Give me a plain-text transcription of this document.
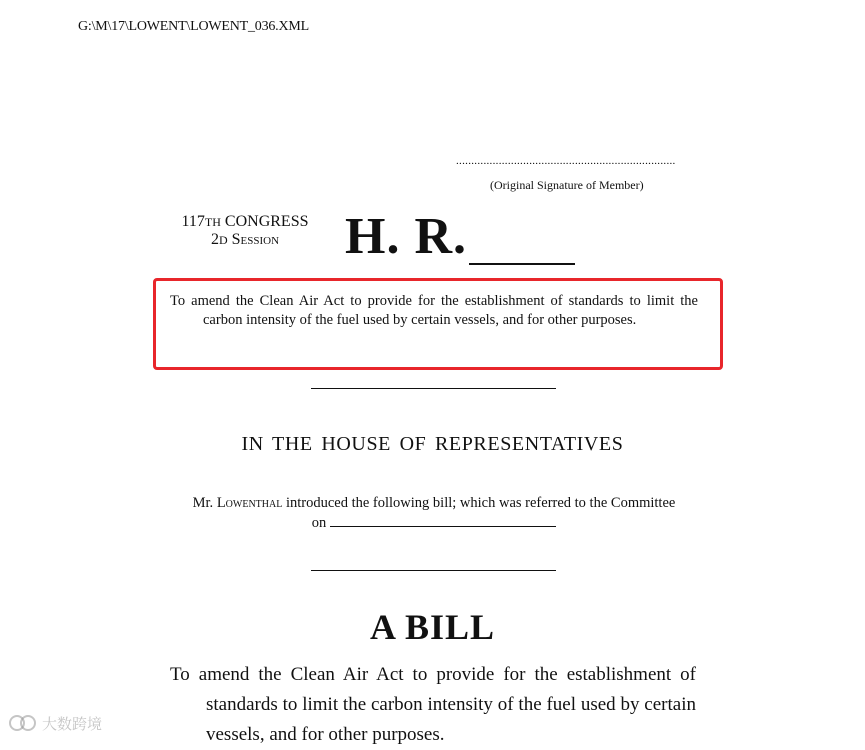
G:\M\17\LOWENT\LOWENT_036.XML
........................................................................
(Original Signature of Member)
117TH CONGRESS
2D Session	H. R.
To amend the Clean Air Act to provide for the establishment of standards to limit the carbon intensity of the fuel used by certain vessels, and for other purposes.
IN THE HOUSE OF REPRESENTATIVES
Mr. Lowenthal introduced the following bill; which was referred to the Committee on
A BILL
To amend the Clean Air Act to provide for the establishment of standards to limit the carbon intensity of the fuel used by certain vessels, and for other purposes.
大数跨境
